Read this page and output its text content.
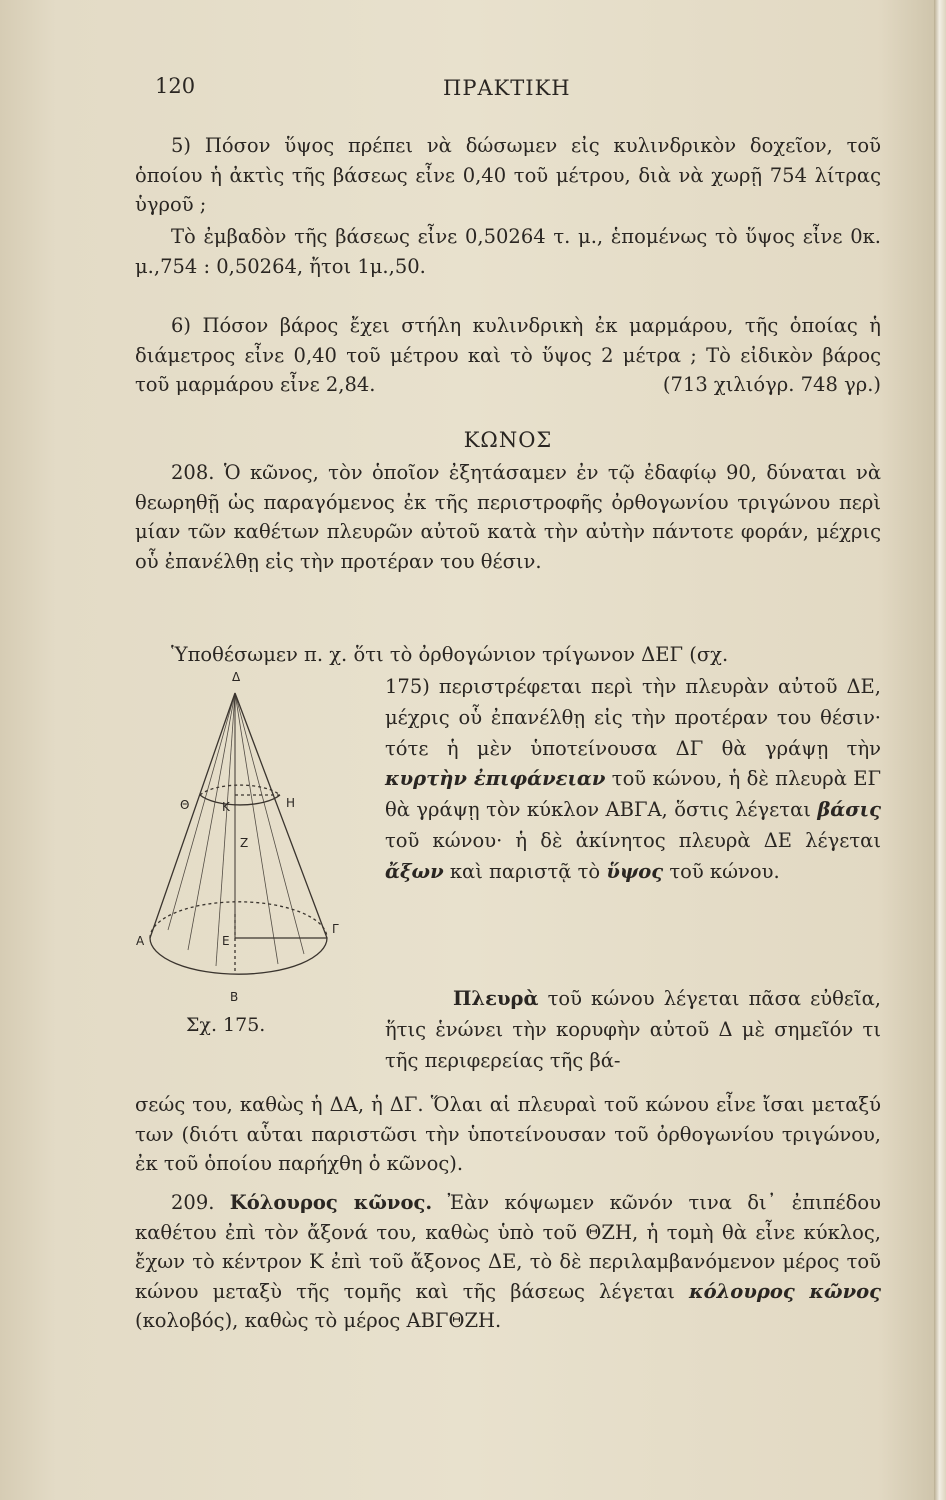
120	ΠΡΑΚΤΙΚΗ
5) Πόσον ὕψος πρέπει νὰ δώσωμεν εἰς κυλινδρικὸν δοχεῖον, τοῦ ὁποίου ἡ ἀκτὶς τῆς βάσεως εἶνε 0,40 τοῦ μέτρου, διὰ νὰ χωρῇ 754 λίτρας ὑγροῦ ;
Τὸ ἐμβαδὸν τῆς βάσεως εἶνε 0,50264 τ. μ., ἑπομένως τὸ ὕψος εἶνε 0κ. μ.,754 : 0,50264, ἤτοι 1μ.,50.
6) Πόσον βάρος ἔχει στήλη κυλινδρικὴ ἐκ μαρμάρου, τῆς ὁποίας ἡ διάμετρος εἶνε 0,40 τοῦ μέτρου καὶ τὸ ὕψος 2 μέτρα ; Τὸ εἰδικὸν βάρος τοῦ μαρμάρου εἶνε 2,84.	(713 χιλιόγρ. 748 γρ.)
ΚΩΝΟΣ
208. Ὁ κῶνος, τὸν ὁποῖον ἐξητάσαμεν ἐν τῷ ἐδαφίῳ 90, δύναται νὰ θεωρηθῇ ὡς παραγόμενος ἐκ τῆς περιστροφῆς ὀρθογωνίου τριγώνου περὶ μίαν τῶν καθέτων πλευρῶν αὐτοῦ κατὰ τὴν αὐτὴν πάντοτε φοράν, μέχρις οὗ ἐπανέλθῃ εἰς τὴν προτέραν του θέσιν.
Ὑποθέσωμεν π. χ. ὅτι τὸ ὀρθογώνιον τρίγωνον ΔΕΓ (σχ.
Δ
Θ	Κ	Η
Ζ
Α	Ε
Γ
Β
Σχ. 175.
175) περιστρέφεται περὶ τὴν πλευρὰν αὐτοῦ ΔΕ, μέχρις οὗ ἐπανέλθῃ εἰς τὴν προτέραν του θέσιν· τότε ἡ μὲν ὑποτείνουσα ΔΓ θὰ γράψῃ τὴν κυρτὴν ἐπιφάνειαν τοῦ κώνου, ἡ δὲ πλευρὰ ΕΓ θὰ γράψῃ τὸν κύκλον ΑΒΓΑ, ὅστις λέγεται βάσις τοῦ κώνου· ἡ δὲ ἀκίνητος πλευρὰ ΔΕ λέγεται ἄξων καὶ παριστᾷ τὸ ὕψος τοῦ κώνου.
Πλευρὰ τοῦ κώνου λέγεται πᾶσα εὐθεῖα, ἥτις ἑνώνει τὴν κορυφὴν αὐτοῦ Δ μὲ σημεῖόν τι τῆς περιφερείας τῆς βά-
σεώς του, καθὼς ἡ ΔΑ, ἡ ΔΓ. Ὅλαι αἱ πλευραὶ τοῦ κώνου εἶνε ἴσαι μεταξύ των (διότι αὗται παριστῶσι τὴν ὑποτείνουσαν τοῦ ὀρθογωνίου τριγώνου, ἐκ τοῦ ὁποίου παρήχθη ὁ κῶνος).
209. Κόλουρος κῶνος. Ἐὰν κόψωμεν κῶνόν τινα δι᾽ ἐπιπέδου καθέτου ἐπὶ τὸν ἄξονά του, καθὼς ὑπὸ τοῦ ΘΖΗ, ἡ τομὴ θὰ εἶνε κύκλος, ἔχων τὸ κέντρον Κ ἐπὶ τοῦ ἄξονος ΔΕ, τὸ δὲ περιλαμβανόμενον μέρος τοῦ κώνου μεταξὺ τῆς τομῆς καὶ τῆς βάσεως λέγεται κόλουρος κῶνος (κολοβός), καθὼς τὸ μέρος ΑΒΓΘΖΗ.
